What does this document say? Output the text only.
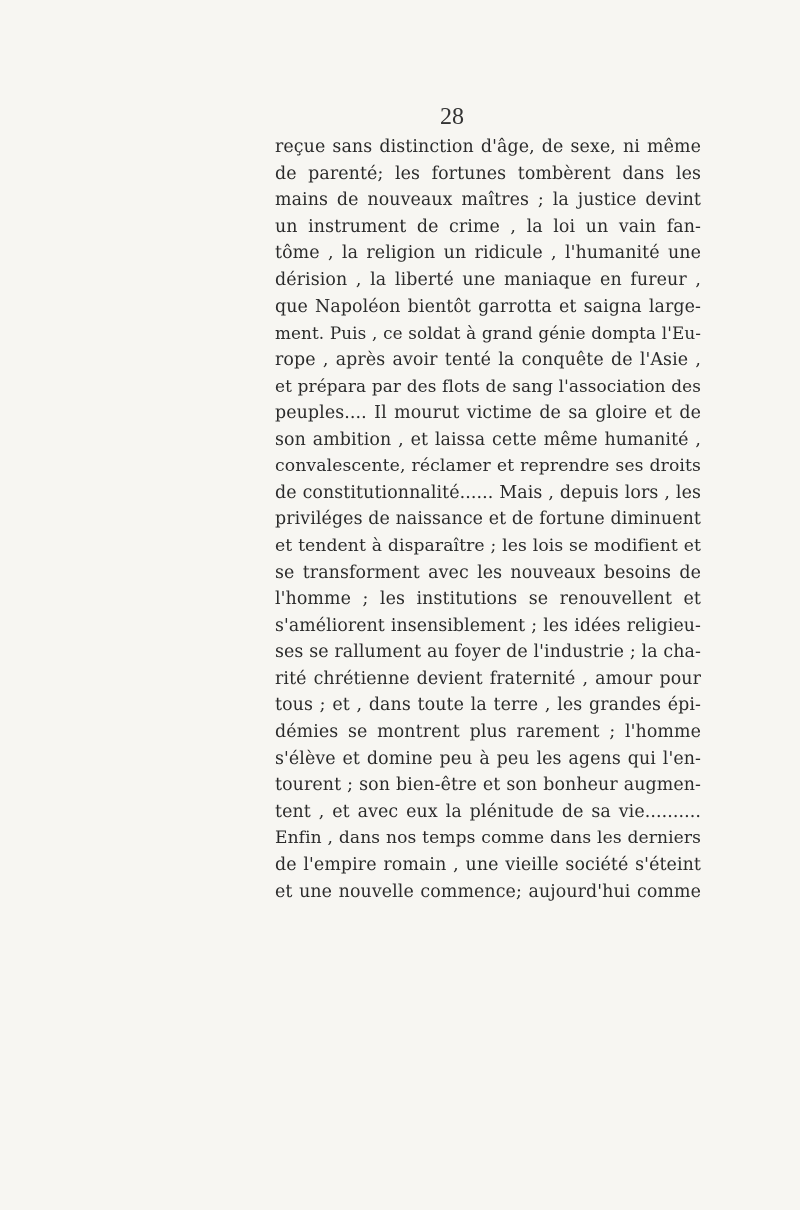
28
reçue sans distinction d'âge, de sexe, ni même
de parenté; les fortunes tombèrent dans les
mains de nouveaux maîtres ; la justice devint
un instrument de crime , la loi un vain fan-
tôme , la religion un ridicule , l'humanité une
dérision , la liberté une maniaque en fureur ,
que Napoléon bientôt garrotta et saigna large-
ment. Puis , ce soldat à grand génie dompta l'Eu-
rope , après avoir tenté la conquête de l'Asie ,
et prépara par des flots de sang l'association des
peuples.... Il mourut victime de sa gloire et de
son ambition , et laissa cette même humanité ,
convalescente, réclamer et reprendre ses droits
de constitutionnalité...... Mais , depuis lors , les
priviléges de naissance et de fortune diminuent
et tendent à disparaître ; les lois se modifient et
se transforment avec les nouveaux besoins de
l'homme ; les institutions se renouvellent et
s'améliorent insensiblement ; les idées religieu-
ses se rallument au foyer de l'industrie ; la cha-
rité chrétienne devient fraternité , amour pour
tous ; et , dans toute la terre , les grandes épi-
démies se montrent plus rarement ; l'homme
s'élève et domine peu à peu les agens qui l'en-
tourent ; son bien-être et son bonheur augmen-
tent , et avec eux la plénitude de sa vie..........
Enfin , dans nos temps comme dans les derniers
de l'empire romain , une vieille société s'éteint
et une nouvelle commence; aujourd'hui comme
